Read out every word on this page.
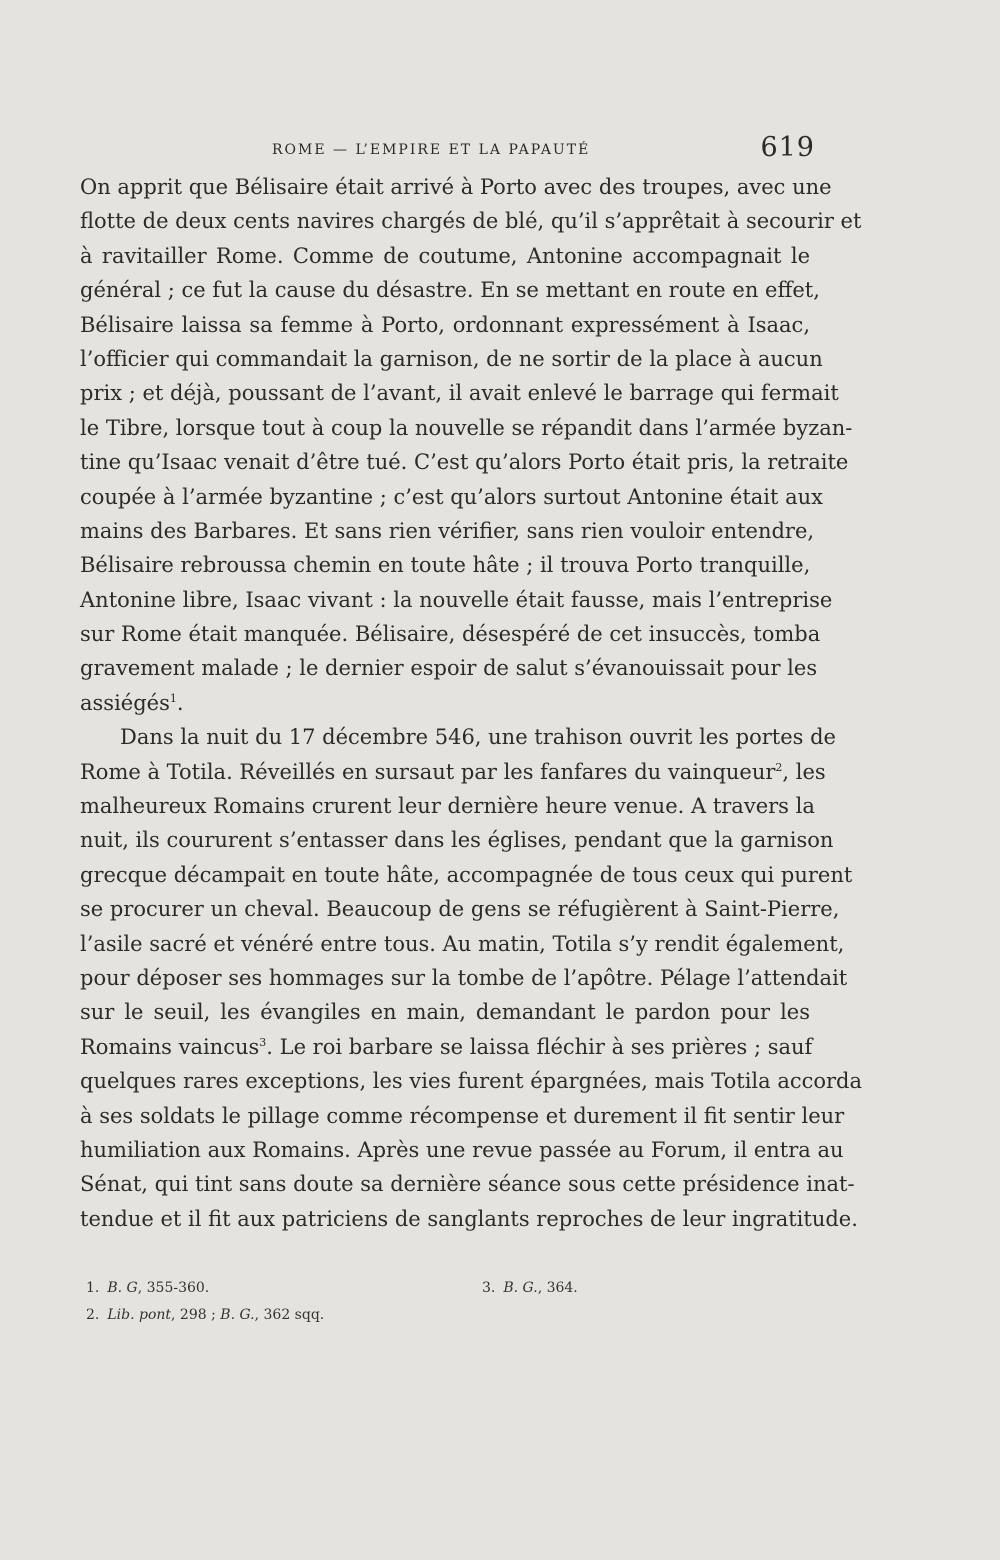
ROME — L’EMPIRE ET LA PAPAUTÉ	619
On apprit que Bélisaire était arrivé à Porto avec des troupes, avec une
flotte de deux cents navires chargés de blé, qu’il s’apprêtait à secourir et
à ravitailler Rome. Comme de coutume, Antonine accompagnait le
général ; ce fut la cause du désastre. En se mettant en route en effet,
Bélisaire laissa sa femme à Porto, ordonnant expressément à Isaac,
l’officier qui commandait la garnison, de ne sortir de la place à aucun
prix ; et déjà, poussant de l’avant, il avait enlevé le barrage qui fermait
le Tibre, lorsque tout à coup la nouvelle se répandit dans l’armée byzan-
tine qu’Isaac venait d’être tué. C’est qu’alors Porto était pris, la retraite
coupée à l’armée byzantine ; c’est qu’alors surtout Antonine était aux
mains des Barbares. Et sans rien vérifier, sans rien vouloir entendre,
Bélisaire rebroussa chemin en toute hâte ; il trouva Porto tranquille,
Antonine libre, Isaac vivant : la nouvelle était fausse, mais l’entreprise
sur Rome était manquée. Bélisaire, désespéré de cet insuccès, tomba
gravement malade ; le dernier espoir de salut s’évanouissait pour les
assiégés$^1$.
Dans la nuit du 17 décembre 546, une trahison ouvrit les portes de
Rome à Totila. Réveillés en sursaut par les fanfares du vainqueur$^2$, les
malheureux Romains crurent leur dernière heure venue. A travers la
nuit, ils coururent s’entasser dans les églises, pendant que la garnison
grecque décampait en toute hâte, accompagnée de tous ceux qui purent
se procurer un cheval. Beaucoup de gens se réfugièrent à Saint-Pierre,
l’asile sacré et vénéré entre tous. Au matin, Totila s’y rendit également,
pour déposer ses hommages sur la tombe de l’apôtre. Pélage l’attendait
sur le seuil, les évangiles en main, demandant le pardon pour les
Romains vaincus$^3$. Le roi barbare se laissa fléchir à ses prières ; sauf
quelques rares exceptions, les vies furent épargnées, mais Totila accorda
à ses soldats le pillage comme récompense et durement il fit sentir leur
humiliation aux Romains. Après une revue passée au Forum, il entra au
Sénat, qui tint sans doute sa dernière séance sous cette présidence inat-
tendue et il fit aux patriciens de sanglants reproches de leur ingratitude.
1. B. G, 355-360.
2. Lib. pont, 298 ; B. G., 362 sqq.
3. B. G., 364.
